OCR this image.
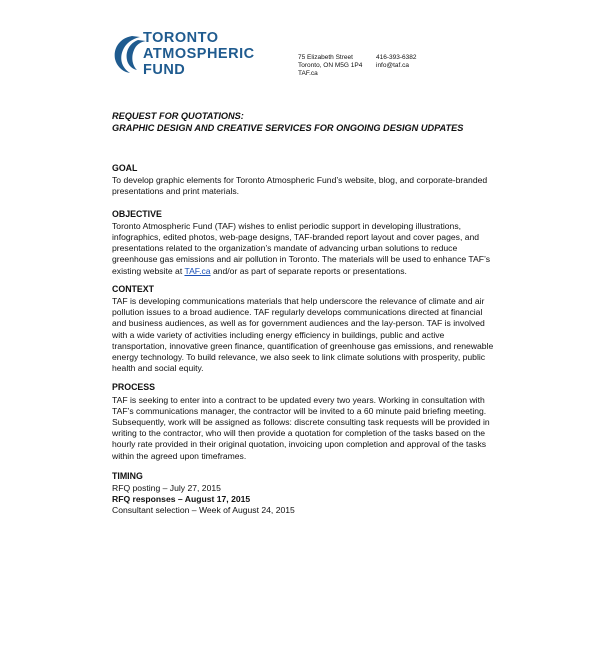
TORONTO
ATMOSPHERIC
FUND
75 Elizabeth Street
Toronto, ON M5G 1P4
TAF.ca
416-393-6382
info@taf.ca

REQUEST FOR QUOTATIONS:

GRAPHIC DESIGN AND CREATIVE SERVICES FOR ONGOING DESIGN UDPATES

GOAL

To develop graphic elements for Toronto Atmospheric Fund’s website, blog, and corporate-branded presentations and print materials.

OBJECTIVE

Toronto Atmospheric Fund (TAF) wishes to enlist periodic support in developing illustrations, infographics, edited photos, web-page designs, TAF-branded report layout and cover pages, and presentations related to the organization’s mandate of advancing urban solutions to reduce greenhouse gas emissions and air pollution in Toronto. The materials will be used to enhance TAF’s existing website at TAF.ca and/or as part of separate reports or presentations.

CONTEXT

TAF is developing communications materials that help underscore the relevance of climate and air pollution issues to a broad audience. TAF regularly develops communications directed at financial and business audiences, as well as for government audiences and the lay-person. TAF is involved with a wide variety of activities including energy efficiency in buildings, public and active transportation, innovative green finance, quantification of greenhouse gas emissions, and renewable energy technology. To build relevance, we also seek to link climate solutions with prosperity, public health and social equity.

PROCESS

TAF is seeking to enter into a contract to be updated every two years. Working in consultation with TAF’s communications manager, the contractor will be invited to a 60 minute paid briefing meeting. Subsequently, work will be assigned as follows: discrete consulting task requests will be provided in writing to the contractor, who will then provide a quotation for completion of the tasks based on the hourly rate provided in their original quotation, invoicing upon completion and approval of the tasks within the agreed upon timeframes.

TIMING

RFQ posting – July 27, 2015

RFQ responses – August 17, 2015

Consultant selection – Week of August 24, 2015
